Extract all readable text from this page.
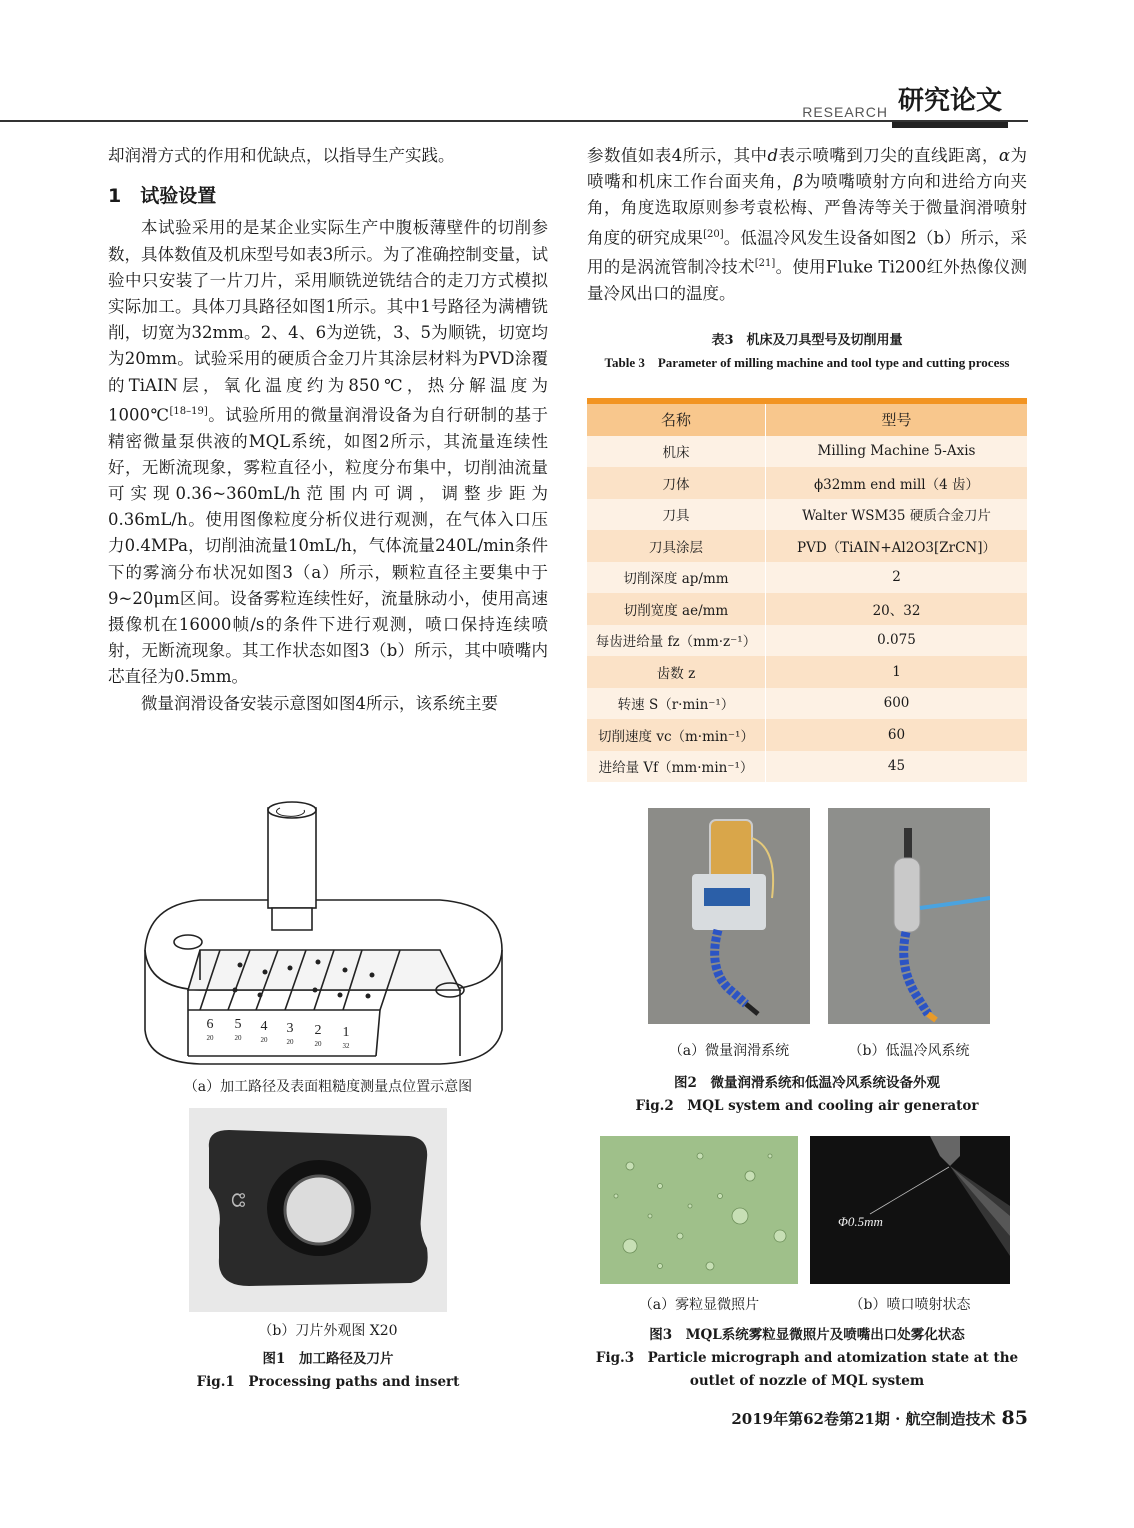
RESEARCH 研究论文

却润滑方式的作用和优缺点，以指导生产实践。

1　试验设置

本试验采用的是某企业实际生产中腹板薄壁件的切削参数，具体数值及机床型号如表3所示。为了准确控制变量，试验中只安装了一片刀片，采用顺铣逆铣结合的走刀方式模拟实际加工。具体刀具路径如图1所示。其中1号路径为满槽铣削，切宽为32mm。2、4、6为逆铣，3、5为顺铣，切宽均为20mm。试验采用的硬质合金刀片其涂层材料为PVD涂覆的TiAIN层，氧化温度约为850℃，热分解温度为1000℃[18–19]。试验所用的微量润滑设备为自行研制的基于精密微量泵供液的MQL系统，如图2所示，其流量连续性好，无断流现象，雾粒直径小，粒度分布集中，切削油流量可实现0.36~360mL/h范围内可调，调整步距为0.36mL/h。使用图像粒度分析仪进行观测，在气体入口压力0.4MPa，切削油流量10mL/h，气体流量240L/min条件下的雾滴分布状况如图3（a）所示，颗粒直径主要集中于9~20μm区间。设备雾粒连续性好，流量脉动小，使用高速摄像机在16000帧/s的条件下进行观测，喷口保持连续喷射，无断流现象。其工作状态如图3（b）所示，其中喷嘴内芯直径为0.5mm。

微量润滑设备安装示意图如图4所示，该系统主要

参数值如表4所示，其中d表示喷嘴到刀尖的直线距离，α为喷嘴和机床工作台面夹角，β为喷嘴喷射方向和进给方向夹角，角度选取原则参考袁松梅、严鲁涛等关于微量润滑喷射角度的研究成果[20]。低温冷风发生设备如图2（b）所示，采用的是涡流管制冷技术[21]。使用Fluke Ti200红外热像仪测量冷风出口的温度。

表3　机床及刀具型号及切削用量
Table 3　Parameter of milling machine and tool type and cutting process
名称	型号
机床	Milling Machine 5-Axis
刀体	ϕ32mm end mill（4 齿）
刀具	Walter WSM35 硬质合金刀片
刀具涂层	PVD（TiAIN+Al2O3[ZrCN]）
切削深度 ap/mm	2
切削宽度 ae/mm	20、32
每齿进给量 fz（mm·z⁻¹）	0.075
齿数 z	1
转速 S（r·min⁻¹）	600
切削速度 vc（m·min⁻¹）	60
进给量 Vf（mm·min⁻¹）	45
6 5 4 3 2 1
20	20	20	20	20	32
（a）加工路径及表面粗糙度测量点位置示意图
☊
（b）刀片外观图 X20
图1　加工路径及刀片
Fig.1　Processing paths and insert
（a）微量润滑系统	（b）低温冷风系统
图2　微量润滑系统和低温冷风系统设备外观
Fig.2　MQL system and cooling air generator
Φ0.5mm
（a）雾粒显微照片	（b）喷口喷射状态
图3　MQL系统雾粒显微照片及喷嘴出口处雾化状态
Fig.3　Particle micrograph and atomization state at the outlet of nozzle of MQL system
2019年第62卷第21期 · 航空制造技术 85
